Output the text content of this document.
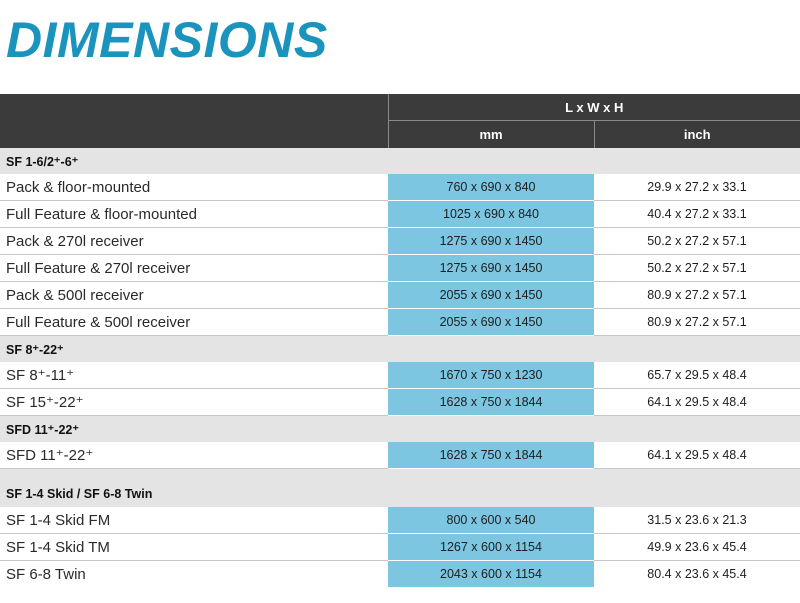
DIMENSIONS
	L x W x H	
	mm	inch
SF 1-6/2⁺-6⁺		
Pack & floor-mounted	760 x 690 x 840	29.9 x 27.2 x 33.1
Full Feature & floor-mounted	1025 x 690 x 840	40.4 x 27.2 x 33.1
Pack & 270l receiver	1275 x 690 x 1450	50.2 x 27.2 x 57.1
Full Feature & 270l receiver	1275 x 690 x 1450	50.2 x 27.2 x 57.1
Pack & 500l receiver	2055 x 690 x 1450	80.9 x 27.2 x 57.1
Full Feature & 500l receiver	2055 x 690 x 1450	80.9 x 27.2 x 57.1
SF 8⁺-22⁺		
SF 8⁺-11⁺	1670 x 750 x 1230	65.7 x 29.5 x 48.4
SF 15⁺-22⁺	1628 x 750 x 1844	64.1 x 29.5 x 48.4
SFD 11⁺-22⁺		
SFD 11⁺-22⁺	1628 x 750 x 1844	64.1 x 29.5 x 48.4

SF 1-4 Skid / SF 6-8 Twin		
SF 1-4 Skid FM	800 x 600 x 540	31.5 x 23.6 x 21.3
SF 1-4 Skid TM	1267 x 600 x 1154	49.9 x 23.6 x 45.4
SF 6-8 Twin	2043 x 600 x 1154	80.4 x 23.6 x 45.4
